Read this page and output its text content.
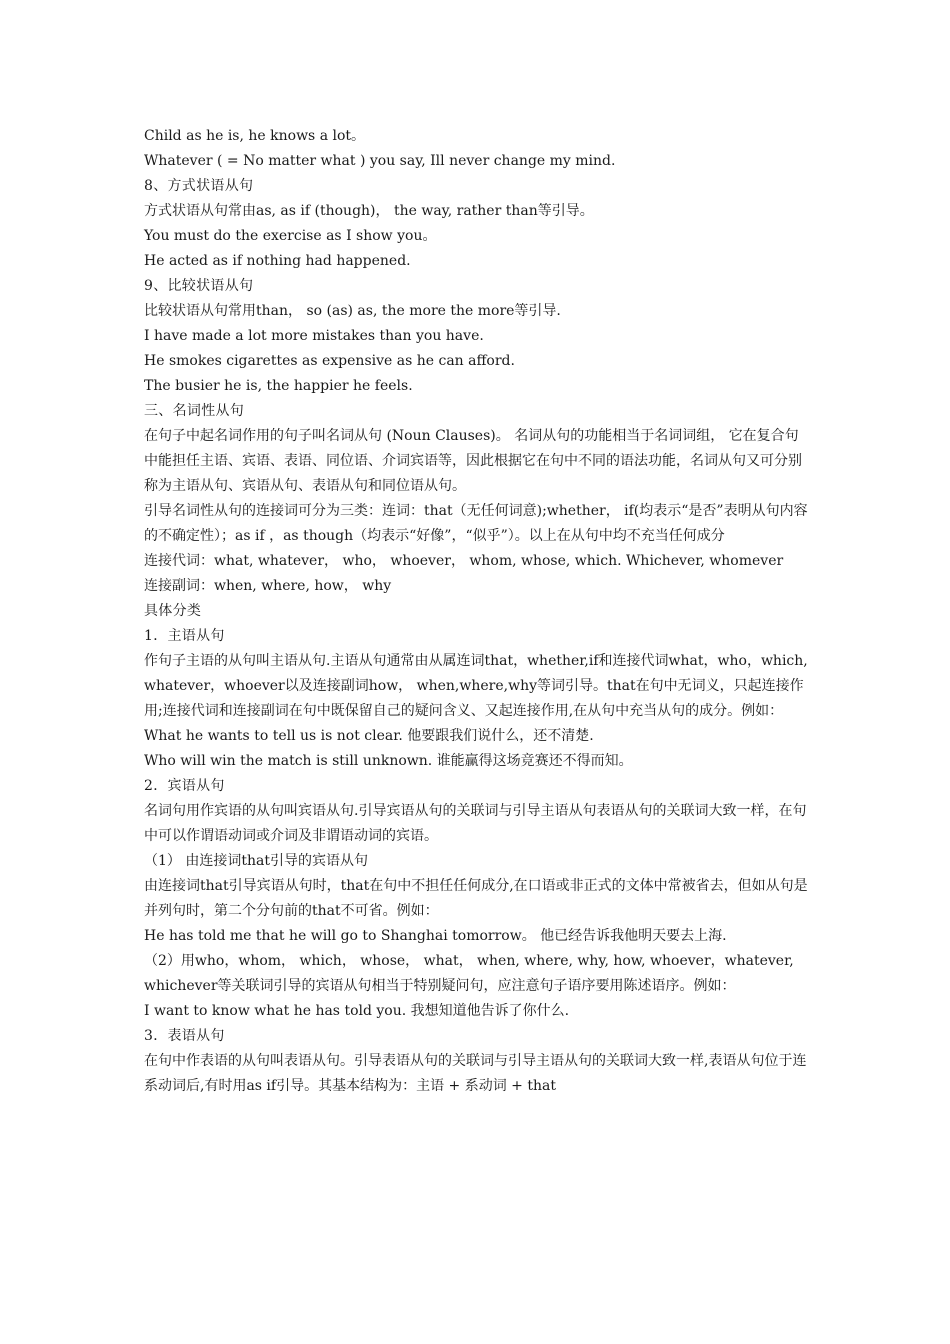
Child as he is, he knows a lot。

Whatever ( = No matter what ) you say, Ill never change my mind.

8、方式状语从句

方式状语从句常由as, as if (though)， the way, rather than等引导。

You must do the exercise as I show you。

He acted as if nothing had happened.

9、比较状语从句

比较状语从句常用than， so (as) as, the more the more等引导.

I have made a lot more mistakes than you have.

He smokes cigarettes as expensive as he can afford.

The busier he is, the happier he feels.

三、名词性从句

在句子中起名词作用的句子叫名词从句 (Noun Clauses)。 名词从句的功能相当于名词词组， 它在复合句中能担任主语、宾语、表语、同位语、介词宾语等，因此根据它在句中不同的语法功能，名词从句又可分别称为主语从句、宾语从句、表语从句和同位语从句。

引导名词性从句的连接词可分为三类：连词：that（无任何词意);whether， if(均表示“是否”表明从句内容的不确定性）；as if ，as though（均表示“好像”，“似乎”）。以上在从句中均不充当任何成分

连接代词：what, whatever， who， whoever， whom, whose, which. Whichever, whomever

连接副词：when, where, how， why

具体分类

1．主语从句

作句子主语的从句叫主语从句.主语从句通常由从属连词that，whether,if和连接代词what，who，which,whatever，whoever以及连接副词how， when,where,why等词引导。that在句中无词义，只起连接作用;连接代词和连接副词在句中既保留自己的疑问含义、又起连接作用,在从句中充当从句的成分。例如：

What he wants to tell us is not clear. 他要跟我们说什么，还不清楚.

Who will win the match is still unknown. 谁能赢得这场竞赛还不得而知。

2．宾语从句

名词句用作宾语的从句叫宾语从句.引导宾语从句的关联词与引导主语从句表语从句的关联词大致一样，在句中可以作谓语动词或介词及非谓语动词的宾语。

（1） 由连接词that引导的宾语从句

由连接词that引导宾语从句时，that在句中不担任任何成分,在口语或非正式的文体中常被省去，但如从句是并列句时，第二个分句前的that不可省。例如：

He has told me that he will go to Shanghai tomorrow。 他已经告诉我他明天要去上海.

（2）用who，whom， which， whose， what， when, where, why, how, whoever，whatever, whichever等关联词引导的宾语从句相当于特别疑问句，应注意句子语序要用陈述语序。例如：

I want to know what he has told you. 我想知道他告诉了你什么.

3．表语从句

在句中作表语的从句叫表语从句。引导表语从句的关联词与引导主语从句的关联词大致一样,表语从句位于连系动词后,有时用as if引导。其基本结构为：主语 + 系动词 + that
